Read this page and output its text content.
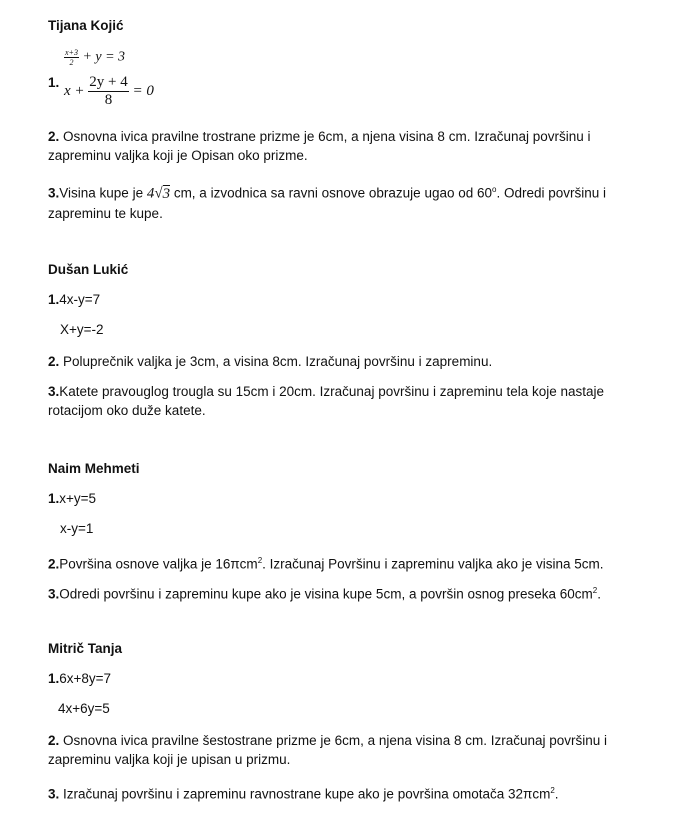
Tijana Kojić
$\frac{x+3}{2} + y = 3$
1.
$x + \frac{2y + 4}{8} = 0$
2. Osnovna ivica pravilne trostrane prizme je 6cm, a njena visina 8 cm. Izračunaj površinu i zapreminu valjka koji je Opisan oko prizme.
3.Visina kupe je 4√3 cm, a izvodnica sa ravni osnove obrazuje ugao od 60$^o$. Odredi površinu i zapreminu te kupe.
Dušan Lukić
1.4x-y=7
X+y=-2
2. Poluprečnik valjka je 3cm, a visina 8cm. Izračunaj površinu i zapreminu.
3.Katete pravouglog trougla su 15cm i 20cm. Izračunaj površinu i zapreminu tela koje nastaje rotacijom oko duže katete.
Naim Mehmeti
1.x+y=5
x-y=1
2.Površina osnove valjka je 16πcm$^2$. Izračunaj Površinu i zapreminu valjka ako je visina 5cm.
3.Odredi površinu i zapreminu kupe ako je visina kupe 5cm, a površin osnog preseka $60cm^2$.
Mitrič Tanja
1.6x+8y=7
4x+6y=5
2. Osnovna ivica pravilne šestostrane prizme je 6cm, a njena visina 8 cm. Izračunaj površinu i zapreminu valjka koji je upisan u prizmu.
3. Izračunaj površinu i zapreminu ravnostrane kupe ako je površina omotača 32πcm$^2$.
